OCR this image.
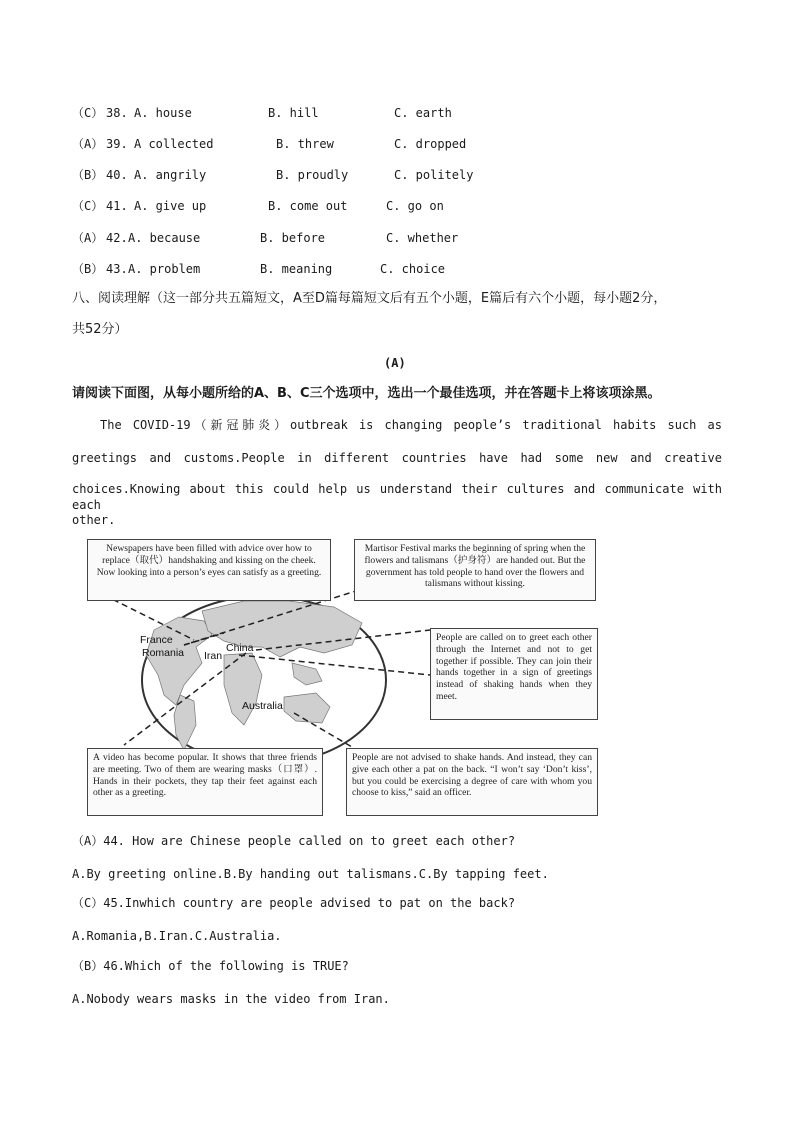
（C） 38. A. house	B. hill	C. earth
（A） 39. A collected	B. threw	C. dropped
（B） 40. A. angrily	B. proudly	C. politely
（C） 41. A. give up	B. come out	C. go on
（A） 42. A. because	B. before	C. whether
（B） 43. A. problem	B. meaning	C. choice
八、阅读理解（这一部分共五篇短文，A至D篇每篇短文后有五个小题，E篇后有六个小题，每小题2分，
共52分）
(A)
请阅读下面图，从每小题所给的A、B、C三个选项中，选出一个最佳选项，并在答题卡上将该项涂黑。
The COVID-19（新冠肺炎）outbreak is changing people’s traditional habits such as
greetings and customs.People in different countries have had some new and creative
choices.Knowing about this could help us understand their cultures and communicate with each
other.
France
Romania Iran
China
Australia
Newspapers have been filled with advice over how to replace（取代）handshaking and kissing on the cheek. Now looking into a person’s eyes can satisfy as a greeting.
Martisor Festival marks the beginning of spring when the flowers and talismans（护身符）are handed out. But the government has told people to hand over the flowers and talismans without kissing.
People are called on to greet each other through the Internet and not to get together if possible. They can join their hands together in a sign of greetings instead of shaking hands when they meet.
A video has become popular. It shows that three friends are meeting. Two of them are wearing masks（口罩）. Hands in their pockets, they tap their feet against each other as a greeting.
People are not advised to shake hands. And instead, they can give each other a pat on the back. “I won’t say ‘Don’t kiss’, but you could be exercising a degree of care with whom you choose to kiss,” said an officer.
（A）44. How are Chinese people called on to greet each other?
A.By greeting online.B.By handing out talismans.C.By tapping feet.
（C）45.Inwhich country are people advised to pat on the back?
A.Romania,B.Iran.C.Australia.
（B）46.Which of the following is TRUE?
A.Nobody wears masks in the video from Iran.
